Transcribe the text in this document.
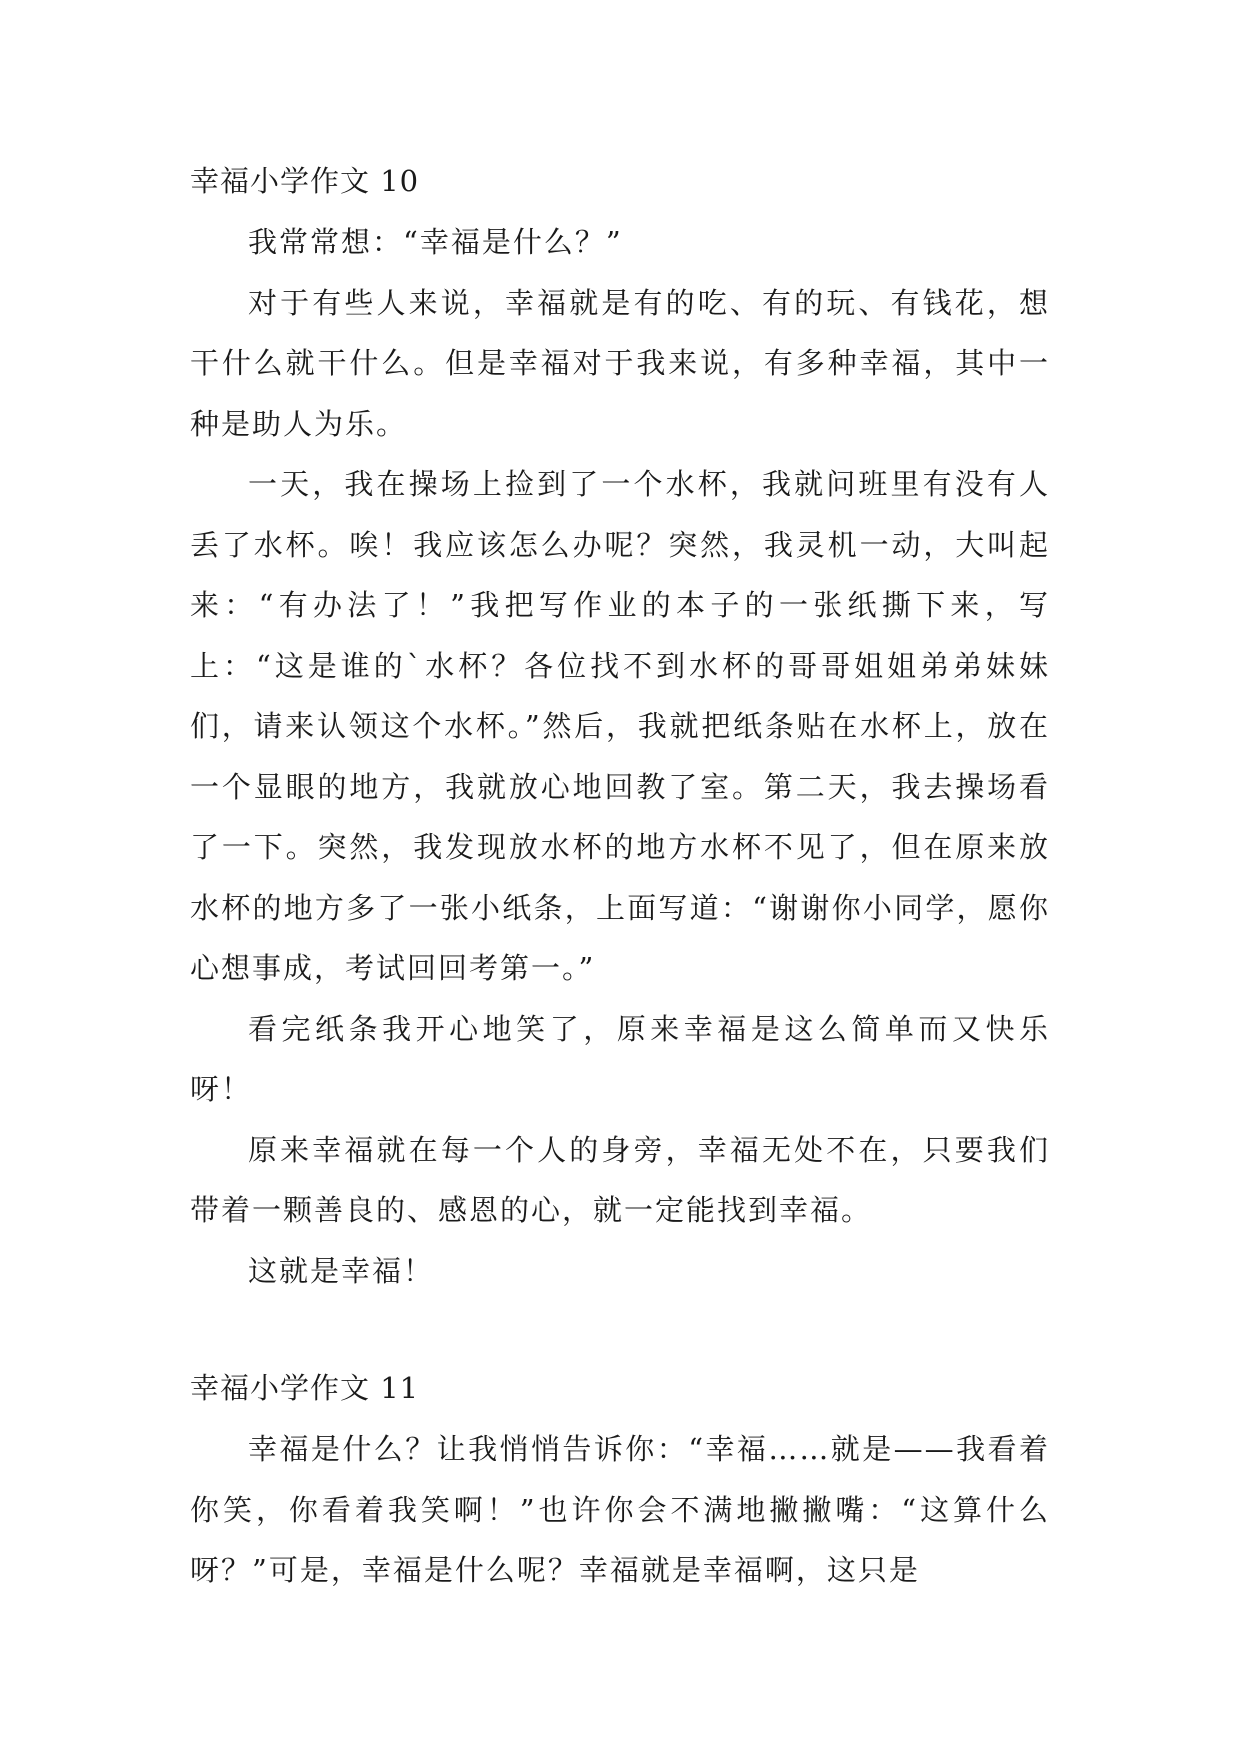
幸福小学作文 10

我常常想：“幸福是什么？”

对于有些人来说，幸福就是有的吃、有的玩、有钱花，想干什么就干什么。但是幸福对于我来说，有多种幸福，其中一种是助人为乐。

一天，我在操场上捡到了一个水杯，我就问班里有没有人丢了水杯。唉！我应该怎么办呢？突然，我灵机一动，大叫起来：“有办法了！”我把写作业的本子的一张纸撕下来，写上：“这是谁的`水杯？各位找不到水杯的哥哥姐姐弟弟妹妹们，请来认领这个水杯。”然后，我就把纸条贴在水杯上，放在一个显眼的地方，我就放心地回教了室。第二天，我去操场看了一下。突然，我发现放水杯的地方水杯不见了，但在原来放水杯的地方多了一张小纸条，上面写道：“谢谢你小同学，愿你心想事成，考试回回考第一。”

看完纸条我开心地笑了，原来幸福是这么简单而又快乐呀！

原来幸福就在每一个人的身旁，幸福无处不在，只要我们带着一颗善良的、感恩的心，就一定能找到幸福。

这就是幸福！

幸福小学作文 11

幸福是什么？让我悄悄告诉你：“幸福……就是——我看着你笑，你看着我笑啊！”也许你会不满地撇撇嘴：“这算什么呀？”可是，幸福是什么呢？幸福就是幸福啊，这只是
